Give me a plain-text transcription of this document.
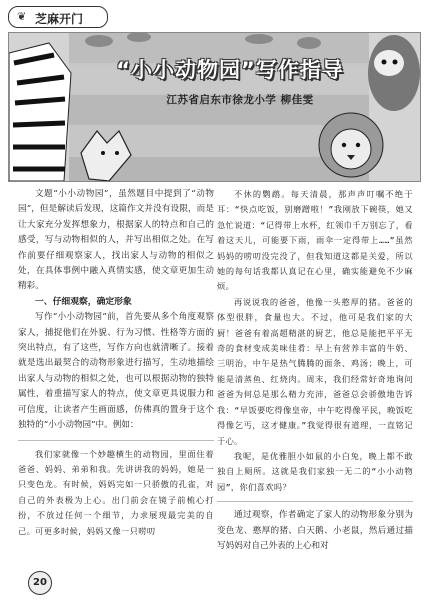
❦ 芝麻开门
“小小动物园”写作指导
江苏省启东市徐龙小学 柳佳雯

文题“小小动物园”，虽然题目中提到了“动物园”，但是解读后发现，这篇作文并没有设限，而是让大家充分发挥想象力，根据家人的特点和自己的感受，写与动物相似的人，并写出相似之处。在写作前要仔细观察家人，找出家人与动物的相似之处，在具体事例中融入真情实感，使文章更加生动精彩。

一、仔细观察，确定形象

写作“小小动物园”前，首先要从多个角度观察家人，捕捉他们在外貌、行为习惯、性格等方面的突出特点，有了这些，写作方向也就清晰了。接着就是选出最契合的动物形象进行描写，生动地描绘出家人与动物的相似之处，也可以根据动物的独特属性，着重描写家人的特点，使文章更具说服力和可信度，让读者产生画面感，仿佛真的置身于这个独特的“小小动物园”中。例如：

我们家就像一个妙趣横生的动物园，里面住着爸爸、妈妈、弟弟和我。先讲讲我的妈妈，她是一只变色龙。有时候，妈妈完如一只骄傲的孔雀，对自己的外表极为上心。出门前会在镜子前梳心打扮，不放过任何一个细节，力求展现最完美的自己。可更多时候，妈妈又像一只唠叨

不休的鹦鹉。每天清晨，那声声叮嘱不绝于耳：“快点吃饭，别磨蹭啦！”我刚放下碗筷，她又急忙说道：“记得带上水杯，红领巾千万别忘了，看着这天儿，可能要下雨，雨伞一定得带上……”虽然妈妈的唠叨没完没了，但我知道这都是关爱，所以她的每句话我都认真记在心里，确实能避免不少麻烦。

再说说我的爸爸，他像一头憨厚的猪。爸爸的体型很胖，食量也大。不过，他可是我们家的大厨！爸爸有着高超精湛的厨艺，他总是能把平平无奇的食材变成美味佳肴：早上有营养丰富的牛奶、三明治，中午是热气腾腾的面条、鸡汤；晚上，可能是清蒸鱼、红烧肉。周末，我们经常好奇地询问爸爸为何总是那么精力充沛，爸爸总会骄傲地告诉我：“早饭要吃得像皇帝，中午吃得像平民，晚饭吃得像乞丐，这才健康。”我觉得很有道理，一直铭记于心。

我呢，是优雅胆小如鼠的小白兔，晚上都不敢独自上厕所。这就是我们家独一无二的“小小动物园”，你们喜欢吗？

通过观察，作者确定了家人的动物形象分别为变色龙、憨厚的猪、白天鹅、小老鼠，然后通过描写妈妈对自己外表的上心和对

20
